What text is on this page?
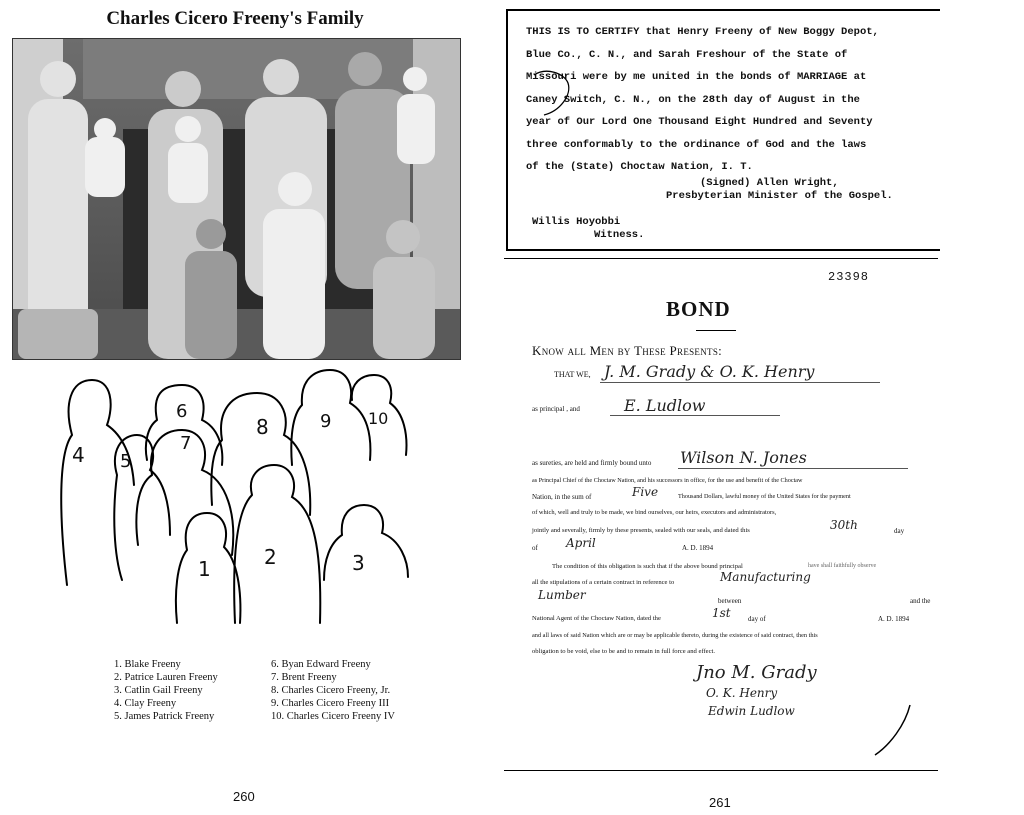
Charles Cicero Freeny's Family
1	2	3
4 5
6
7
8	9 10
1. Blake Freeny
2. Patrice Lauren Freeny
3. Catlin Gail Freeny
4. Clay Freeny
5. James Patrick Freeny
6. Byan Edward Freeny
7. Brent Freeny
8. Charles Cicero Freeny, Jr.
9. Charles Cicero Freeny III
10. Charles Cicero Freeny IV
260
THIS IS TO CERTIFY that Henry Freeny of New Boggy Depot,
Blue Co., C. N., and Sarah Freshour of the State of
Missouri were by me united in the bonds of MARRIAGE at
Caney Switch, C. N., on the 28th day of August in the
year of Our Lord One Thousand Eight Hundred and Seventy
three conformably to the ordinance of God and the laws
of the (State) Choctaw Nation, I. T.
(Signed) Allen Wright,
Presbyterian Minister of the Gospel.
Willis Hoyobbi
Witness.
23398
BOND
Know all Men by These Presents:
THAT WE, J. M. Grady & O. K. Henry
as principal , and	E. Ludlow
as sureties, are held and firmly bound unto Wilson N. Jones
as Principal Chief of the Choctaw Nation, and his successors in office, for the use and benefit of the Choctaw
Nation, in the sum of	Five	Thousand Dollars, lawful money of the United States for the payment
of which, well and truly to be made, we bind ourselves, our heirs, executors and administrators,
jointly and severally, firmly by these presents, sealed with our seals, and dated this	30th	day
of April	A. D. 1894
The condition of this obligation is such that if the above bound principal	have shall faithfully observe
all the stipulations of a certain contract in reference to	Manufacturing
Lumber	between	and the
National Agent of the Choctaw Nation, dated the	1st day of	A. D. 1894
and all laws of said Nation which are or may be applicable thereto, during the existence of said contract, then this
obligation to be void, else to be and to remain in full force and effect.
Jno M. Grady
O. K. Henry
Edwin Ludlow
261
